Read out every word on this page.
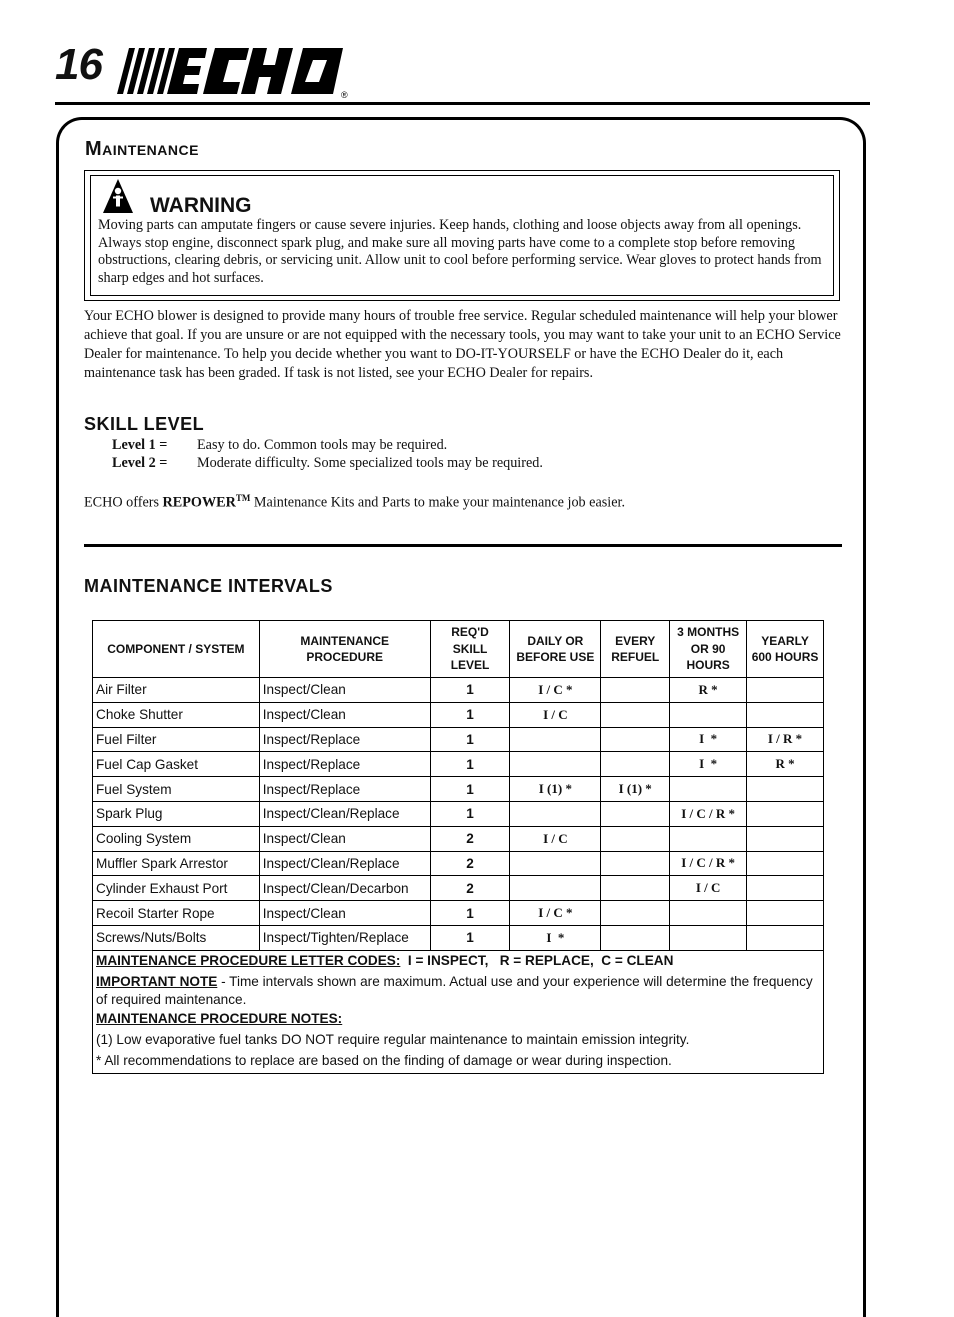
16
®
Maintenance
WARNING
Moving parts can amputate fingers or cause severe injuries. Keep hands, clothing and loose objects away from all openings. Always stop engine, disconnect spark plug, and make sure all moving parts have come to a complete stop before removing obstructions, clearing debris, or servicing unit. Allow unit to cool before performing service. Wear gloves to protect hands from sharp edges and hot surfaces.
Your ECHO blower is designed to provide many hours of trouble free service. Regular scheduled maintenance will help your blower achieve that goal. If you are unsure or are not equipped with the necessary tools, you may want to take your unit to an ECHO Service Dealer for maintenance. To help you decide whether you want to DO-IT-YOURSELF or have the ECHO Dealer do it, each maintenance task has been graded. If task is not listed, see your ECHO Dealer for repairs.
SKILL LEVEL
Level 1 = Easy to do. Common tools may be required.
Level 2 = Moderate difficulty. Some specialized tools may be required.
ECHO offers REPOWER™ Maintenance Kits and Parts to make your maintenance job easier.
MAINTENANCE INTERVALS
COMPONENT / SYSTEM	MAINTENANCE PROCEDURE	REQ'D SKILL LEVEL	DAILY OR BEFORE USE	EVERY REFUEL	3 MONTHS OR 90 HOURS	YEARLY 600 HOURS
Air Filter	Inspect/Clean	1	I / C *		R *	
Choke Shutter	Inspect/Clean	1	I / C			
Fuel Filter	Inspect/Replace	1			I  *	I / R *
Fuel Cap Gasket	Inspect/Replace	1			I  *	R *
Fuel System	Inspect/Replace	1	I (1) *	I (1) *		
Spark Plug	Inspect/Clean/Replace	1			I / C / R *	
Cooling System	Inspect/Clean	2	I / C			
Muffler Spark Arrestor	Inspect/Clean/Replace	2			I / C / R *	
Cylinder Exhaust Port	Inspect/Clean/Decarbon	2			I / C	
Recoil Starter Rope	Inspect/Clean	1	I / C *			
Screws/Nuts/Bolts	Inspect/Tighten/Replace	1	I  *			

MAINTENANCE PROCEDURE LETTER CODES:  I = INSPECT,   R = REPLACE,  C = CLEAN
IMPORTANT NOTE - Time intervals shown are maximum. Actual use and your experience will determine the frequency of required maintenance.
MAINTENANCE PROCEDURE NOTES:
(1) Low evaporative fuel tanks DO NOT require regular maintenance to maintain emission integrity.
* All recommendations to replace are based on the finding of damage or wear during inspection.						
